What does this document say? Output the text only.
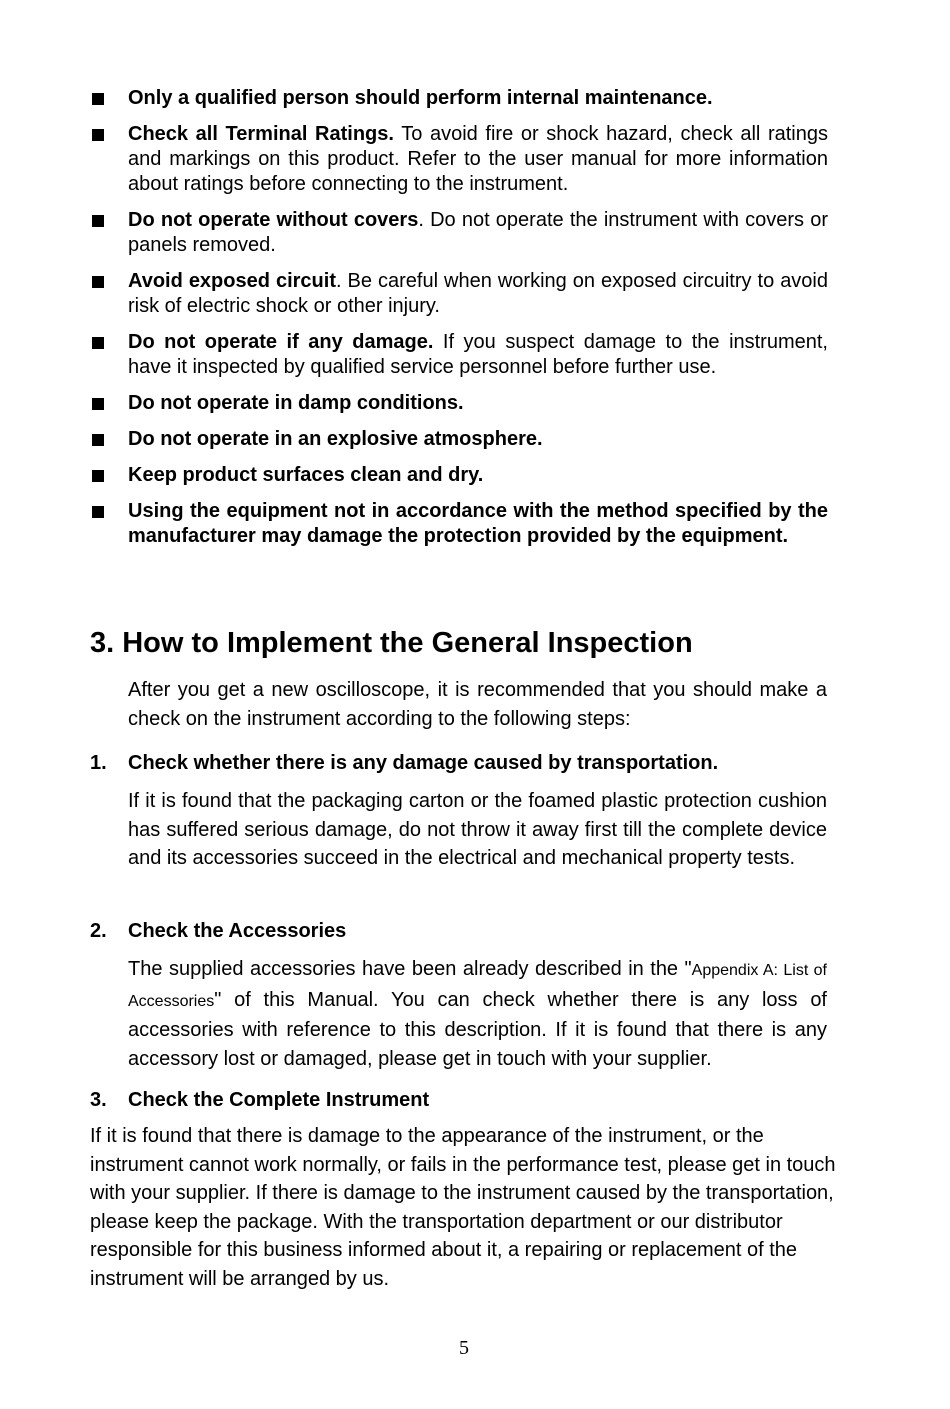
Only a qualified person should perform internal maintenance.
Check all Terminal Ratings. To avoid fire or shock hazard, check all ratings and markings on this product. Refer to the user manual for more information about ratings before connecting to the instrument.
Do not operate without covers. Do not operate the instrument with covers or panels removed.
Avoid exposed circuit. Be careful when working on exposed circuitry to avoid risk of electric shock or other injury.
Do not operate if any damage. If you suspect damage to the instrument, have it inspected by qualified service personnel before further use.
Do not operate in damp conditions.
Do not operate in an explosive atmosphere.
Keep product surfaces clean and dry.
Using the equipment not in accordance with the method specified by the manufacturer may damage the protection provided by the equipment.
3. How to Implement the General Inspection
After you get a new oscilloscope, it is recommended that you should make a check on the instrument according to the following steps:
1. Check whether there is any damage caused by transportation.
If it is found that the packaging carton or the foamed plastic protection cushion has suffered serious damage, do not throw it away first till the complete device and its accessories succeed in the electrical and mechanical property tests.
2. Check the Accessories
The supplied accessories have been already described in the "Appendix A: List of Accessories" of this Manual. You can check whether there is any loss of accessories with reference to this description. If it is found that there is any accessory lost or damaged, please get in touch with your supplier.
3. Check the Complete Instrument
If it is found that there is damage to the appearance of the instrument, or the instrument cannot work normally, or fails in the performance test, please get in touch with your supplier. If there is damage to the instrument caused by the transportation, please keep the package. With the transportation department or our distributor responsible for this business informed about it, a repairing or replacement of the instrument will be arranged by us.
5
